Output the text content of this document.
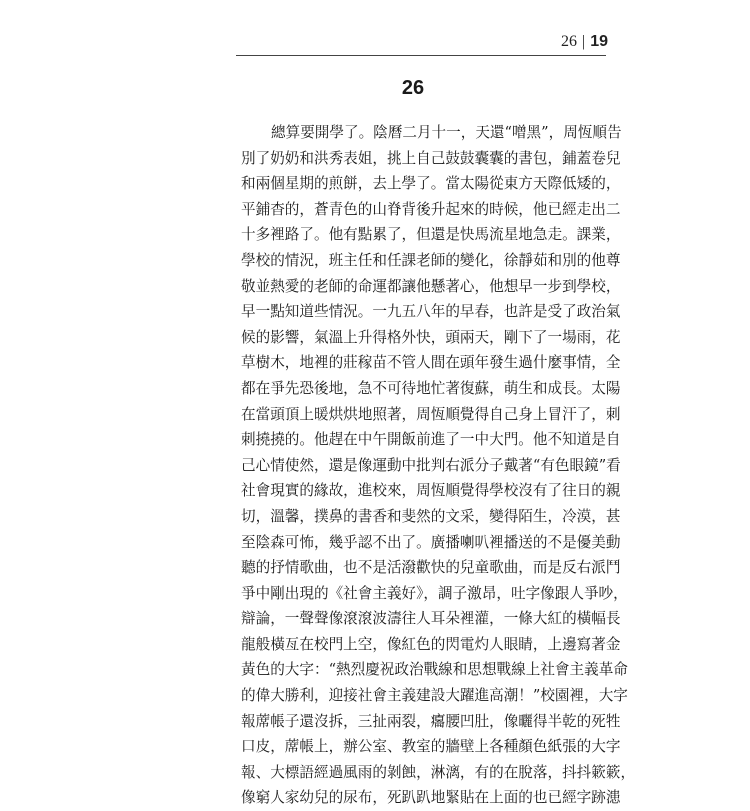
26 | 19
26
總算要開學了。陰曆二月十一，天還“噌黑”，周恆順告
別了奶奶和洪秀表姐，挑上自己鼓鼓囊囊的書包，鋪蓋卷兒
和兩個星期的煎餅，去上學了。當太陽從東方天際低矮的，
平鋪杳的，蒼青色的山脊背後升起來的時候，他已經走出二
十多裡路了。他有點累了，但還是快馬流星地急走。課業，
學校的情況，班主任和任課老師的變化，徐靜茹和別的他尊
敬並熱愛的老師的命運都讓他懸著心，他想早一步到學校，
早一點知道些情況。一九五八年的早春，也許是受了政治氣
候的影響，氣溫上升得格外快，頭兩天，剛下了一場雨，花
草樹木，地裡的莊稼苗不管人間在頭年發生過什麼事情，全
都在爭先恐後地，急不可待地忙著復蘇，萌生和成長。太陽
在當頭頂上暖烘烘地照著，周恆順覺得自己身上冒汗了，刺
刺撓撓的。他趕在中午開飯前進了一中大門。他不知道是自
己心情使然，還是像運動中批判右派分子戴著“有色眼鏡”看
社會現實的緣故，進校來，周恆順覺得學校沒有了往日的親
切，溫馨，撲鼻的書香和斐然的文采，變得陌生，冷漠，甚
至陰森可怖，幾乎認不出了。廣播喇叭裡播送的不是優美動
聽的抒情歌曲，也不是活潑歡快的兒童歌曲，而是反右派鬥
爭中剛出現的《社會主義好》，調子激昂，吐字像跟人爭吵，
辯論，一聲聲像滾滾波濤往人耳朵裡灌，一條大紅的橫幅長
龍般橫亙在校門上空，像紅色的閃電灼人眼睛，上邊寫著金
黃色的大字：“熱烈慶祝政治戰線和思想戰線上社會主義革命
的偉大勝利，迎接社會主義建設大躍進高潮！”校園裡，大字
報蓆帳子還沒拆，三扯兩裂，癟腰凹肚，像曬得半乾的死牲
口皮，蓆帳上，辦公室、教室的牆壁上各種顏色紙張的大字
報、大標語經過風雨的剝蝕，淋漓，有的在脫落，抖抖簌簌，
像窮人家幼兒的尿布，死趴趴地緊貼在上面的也已經字跡漶
